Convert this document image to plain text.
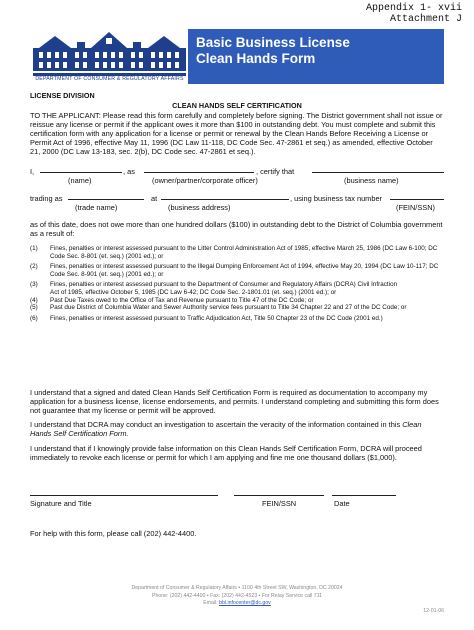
Appendix 1- xvii
Attachment J
DEPARTMENT OF CONSUMER & REGULATORY AFFAIRS
Basic Business License
Clean Hands Form
LICENSE DIVISION
CLEAN HANDS SELF CERTIFICATION
TO THE APPLICANT: Please read this form carefully and completely before signing. The District government shall not issue or reissue any license or permit if the applicant owes it more than $100 in outstanding debt. You must complete and submit this certification form with any application for a license or permit or renewal by the Clean Hands Before Receiving a License or Permit Act of 1996, effective May 11, 1996 (DC Law 11-118, DC Code Sec. 47-2861 et seq.) as amended, effective October 21, 2000 (DC Law 13-183, sec. 2(b), DC Code sec. 47-2861 et seq.).
I,	, as	, certify that
(name)	(owner/partner/corporate officer)	(business name)
trading as	at	, using business tax number
(trade name)	(business address)	(FEIN/SSN)
as of this date, does not owe more than one hundred dollars ($100) in outstanding debt to the District of Columbia government as a result of:
(1)	Fines, penalties or interest assessed pursuant to the Litter Control Administration Act of 1985, effective March 25, 1986 (DC Law 6-100; DC Code Sec. 8-801 (et. seq.) (2001 ed.); or

(2)	Fines, penalties or interest assessed pursuant to the Illegal Dumping Enforcement Act of 1994, effective May 20, 1994 (DC Law 10-117; DC Code Sec. 8-901 (et. seq.) (2001 ed.); or

(3)	Fines, penalties or interest assessed pursuant to the Department of Consumer and Regulatory Affairs (DCRA) Civil Infraction
	Act of 1985, effective October 5, 1985 (DC Law 6-42; DC Code Sec. 2-1801.01 (et. seq.) (2001 ed.); or
(4)	Past Due Taxes owed to the Office of Tax and Revenue pursuant to Title 47 of the DC Code; or
(5)	Past due District of Columbia Water and Sewer Authority service fees pursuant to Title 34 Chapter 22 and 27 of the DC Code; or

(6)	Fines, penalties or interest assessed pursuant to Traffic Adjudication Act, Title 50 Chapter 23 of the DC Code (2001 ed.)
I understand that a signed and dated Clean Hands Self Certification Form is required as documentation to accompany my application for a business license, license endorsements, and permits. I understand completing and submitting this form does not guarantee that my license or permit will be approved.
I understand that DCRA may conduct an investigation to ascertain the veracity of the information contained in this Clean Hands Self Certification Form.
I understand that if I knowingly provide false information on this Clean Hands Self Certification Form, DCRA will proceed immediately to revoke each license or permit for which I am applying and fine me one thousand dollars ($1,000).
Signature and Title	FEIN/SSN	Date
For help with this form, please call (202) 442-4400.
Department of Consumer & Regulatory Affairs ▪ 1100 4th Street SW, Washington, DC 20024
Phone: (202) 442-4400 ▪ Fax: (202) 442-4523 ▪ For Relay Service call 711
Email: bbl.infocenter@dc.gov
12-01-06
